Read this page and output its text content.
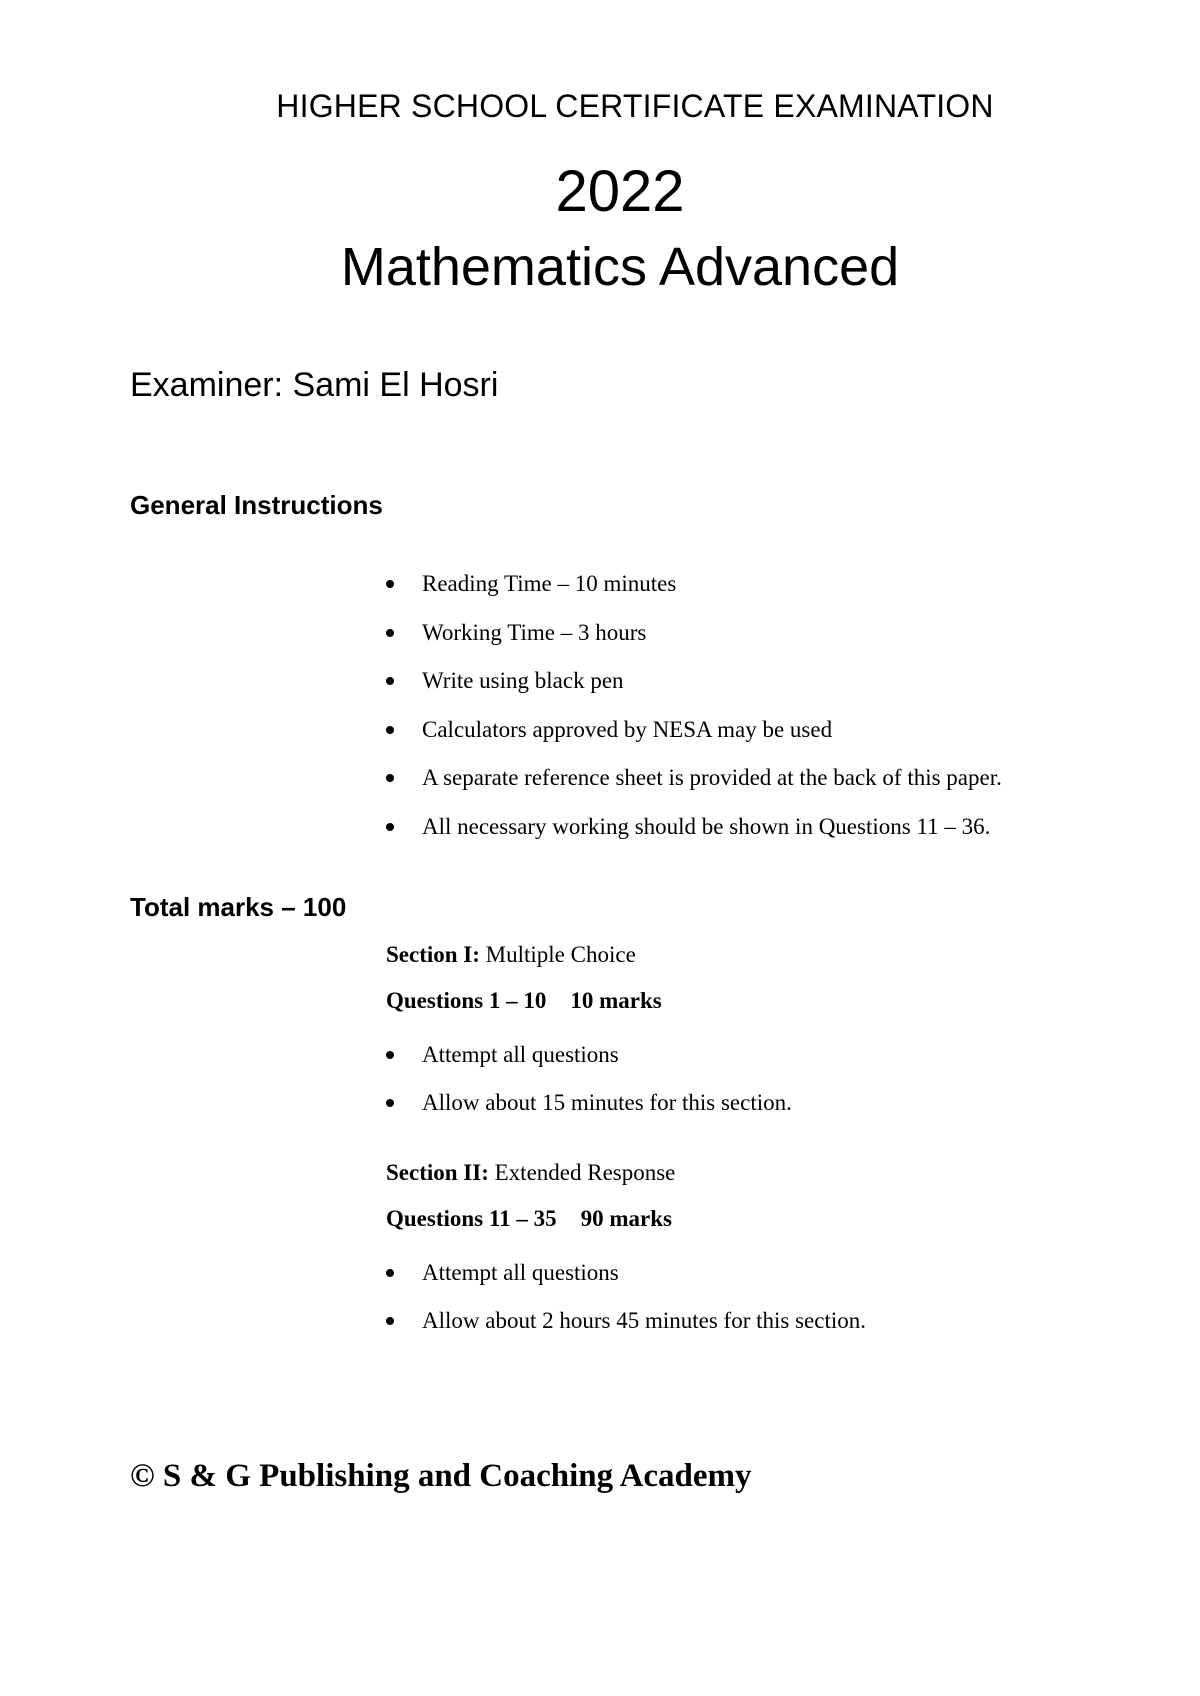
HIGHER SCHOOL CERTIFICATE EXAMINATION
2022
Mathematics Advanced
Examiner: Sami El Hosri
General Instructions
Reading Time – 10 minutes
Working Time – 3 hours
Write using black pen
Calculators approved by NESA may be used
A separate reference sheet is provided at the back of this paper.
All necessary working should be shown in Questions 11 – 36.
Total marks – 100
Section I: Multiple Choice
Questions 1 – 10 10 marks
Attempt all questions
Allow about 15 minutes for this section.
Section II: Extended Response
Questions 11 – 35 90 marks
Attempt all questions
Allow about 2 hours 45 minutes for this section.
© S & G Publishing and Coaching Academy
